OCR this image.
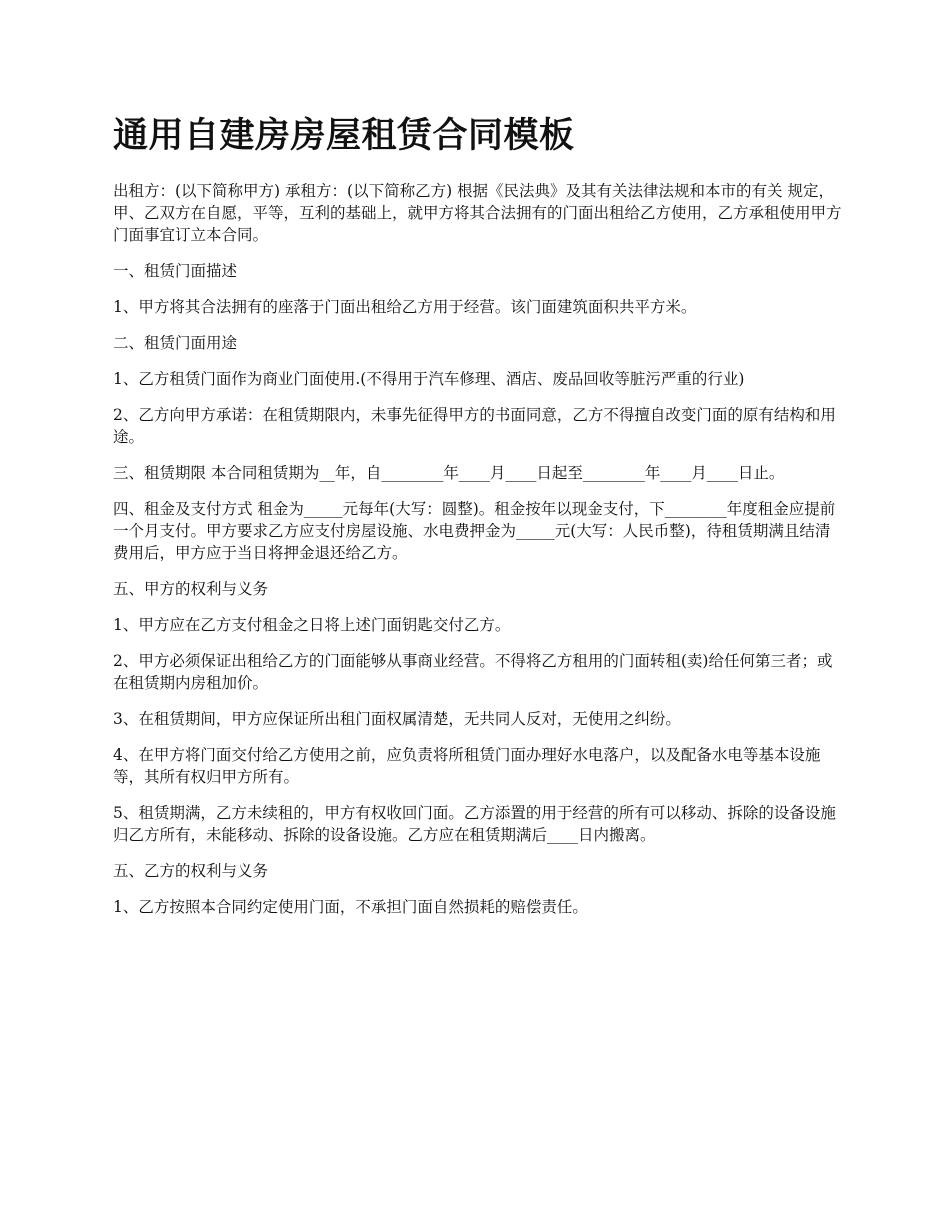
通用自建房房屋租赁合同模板

出租方：(以下简称甲方) 承租方：(以下简称乙方) 根据《民法典》及其有关法律法规和本市的有关 规定，甲、乙双方在自愿，平等，互利的基础上，就甲方将其合法拥有的门面出租给乙方使用，乙方承租使用甲方门面事宜订立本合同。

一、租赁门面描述

1、甲方将其合法拥有的座落于门面出租给乙方用于经营。该门面建筑面积共平方米。

二、租赁门面用途

1、乙方租赁门面作为商业门面使用.(不得用于汽车修理、酒店、废品回收等脏污严重的行业)

2、乙方向甲方承诺：在租赁期限内，未事先征得甲方的书面同意，乙方不得擅自改变门面的原有结构和用途。

三、租赁期限 本合同租赁期为__年，自________年____月____日起至________年____月____日止。

四、租金及支付方式 租金为_____元每年(大写：圆整)。租金按年以现金支付，下________年度租金应提前一个月支付。甲方要求乙方应支付房屋设施、水电费押金为_____元(大写：人民币整)，待租赁期满且结清费用后，甲方应于当日将押金退还给乙方。

五、甲方的权利与义务

1、甲方应在乙方支付租金之日将上述门面钥匙交付乙方。

2、甲方必须保证出租给乙方的门面能够从事商业经营。不得将乙方租用的门面转租(卖)给任何第三者；或在租赁期内房租加价。

3、在租赁期间，甲方应保证所出租门面权属清楚，无共同人反对，无使用之纠纷。

4、在甲方将门面交付给乙方使用之前，应负责将所租赁门面办理好水电落户，以及配备水电等基本设施等，其所有权归甲方所有。

5、租赁期满，乙方未续租的，甲方有权收回门面。乙方添置的用于经营的所有可以移动、拆除的设备设施归乙方所有，未能移动、拆除的设备设施。乙方应在租赁期满后____日内搬离。

五、乙方的权利与义务

1、乙方按照本合同约定使用门面，不承担门面自然损耗的赔偿责任。
